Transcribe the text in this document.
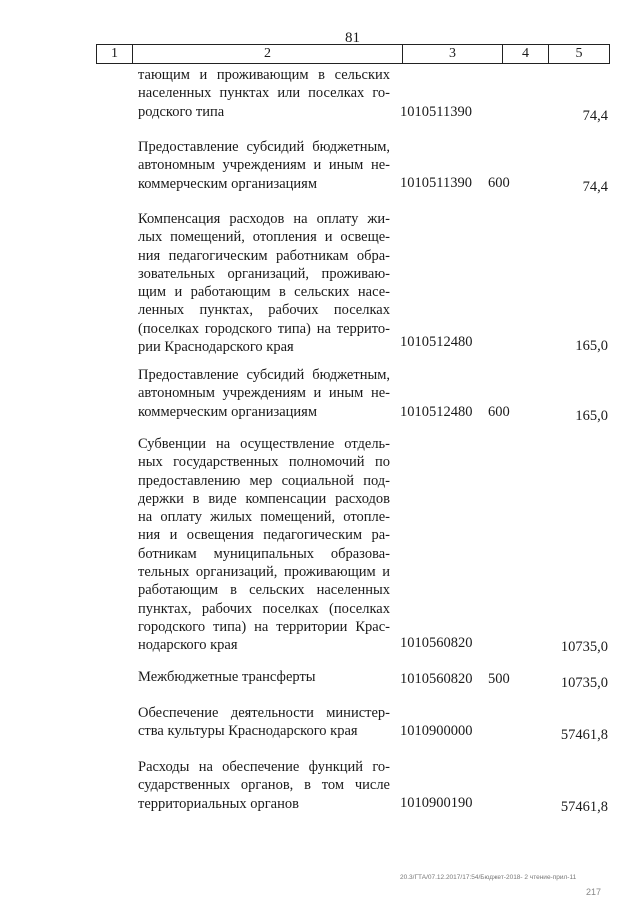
81
1	2	3	4	5
тающим и проживающим в сельских
населенных пунктах или поселках го-
родского типа	1010511390	74,4
Предоставление субсидий бюджетным,
автономным учреждениям и иным не-
коммерческим организациям	1010511390 600	74,4
Компенсация расходов на оплату жи-
лых помещений, отопления и освеще-
ния педагогическим работникам обра-
зовательных организаций, проживаю-
щим и работающим в сельских насе-
ленных пунктах, рабочих поселках
(поселках городского типа) на террито-
рии Краснодарского края	1010512480	165,0
Предоставление субсидий бюджетным,
автономным учреждениям и иным не-
коммерческим организациям	1010512480 600	165,0
Субвенции на осуществление отдель-
ных государственных полномочий по
предоставлению мер социальной под-
держки в виде компенсации расходов
на оплату жилых помещений, отопле-
ния и освещения педагогическим ра-
ботникам муниципальных образова-
тельных организаций, проживающим и
работающим в сельских населенных
пунктах, рабочих поселках (поселках
городского типа) на территории Крас-
нодарского края	1010560820	10735,0
Межбюджетные трансферты	1010560820 500	10735,0
Обеспечение деятельности министер-
ства культуры Краснодарского края	1010900000	57461,8
Расходы на обеспечение функций го-
сударственных органов, в том числе
территориальных органов	1010900190	57461,8
20.3/ГТА/07.12.2017/17:54/Бюджет-2018- 2 чтение-прил-11
217
